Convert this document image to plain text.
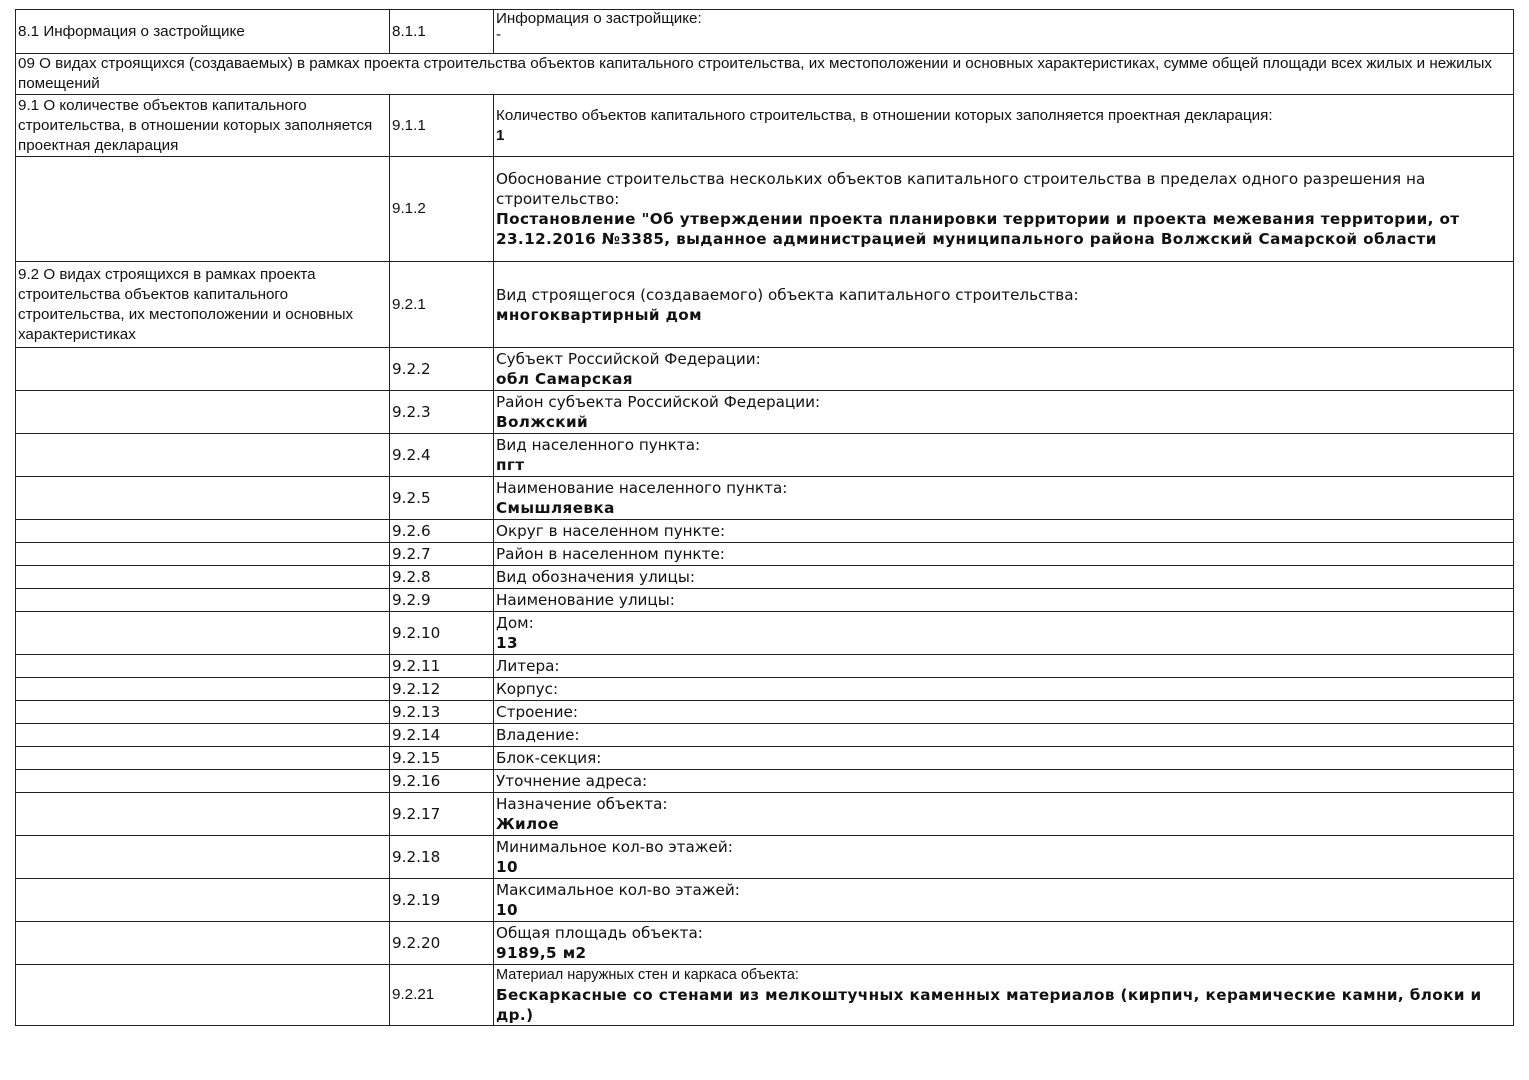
8.1 Информация о застройщике	8.1.1	Информация о застройщике:
-

09 О видах строящихся (создаваемых) в рамках проекта строительства объектов капитального строительства, их местоположении и основных характеристиках, сумме общей площади всех жилых и нежилых помещений		
9.1 О количестве объектов капитального строительства, в отношении которых заполняется проектная декларация	9.1.1	Количество объектов капитального строительства, в отношении которых заполняется проектная декларация:
1

	9.1.2	Обоснование строительства нескольких объектов капитального строительства в пределах одного разрешения на строительство:
Постановление "Об утверждении проекта планировки территории и проекта межевания территории, от 23.12.2016 №3385, выданное администрацией муниципального района Волжский Самарской области

9.2 О видах строящихся в рамках проекта строительства объектов капитального строительства, их местоположении и основных характеристиках	9.2.1	Вид строящегося (создаваемого) объекта капитального строительства:
многоквартирный дом

	9.2.2	Субъект Российской Федерации:
обл Самарская

	9.2.3	Район субъекта Российской Федерации:
Волжский

	9.2.4	Вид населенного пункта:
пгт

	9.2.5	Наименование населенного пункта:
Смышляевка

	9.2.6	Округ в населенном пункте:

	9.2.7	Район в населенном пункте:

	9.2.8	Вид обозначения улицы:

	9.2.9	Наименование улицы:

	9.2.10	Дом:
13

	9.2.11	Литера:

	9.2.12	Корпус:

	9.2.13	Строение:

	9.2.14	Владение:

	9.2.15	Блок-секция:

	9.2.16	Уточнение адреса:

	9.2.17	Назначение объекта:
Жилое

	9.2.18	Минимальное кол-во этажей:
10

	9.2.19	Максимальное кол-во этажей:
10

	9.2.20	Общая площадь объекта:
9189,5 м2

	9.2.21	Материал наружных стен и каркаса объекта:
Бескаркасные со стенами из мелкоштучных каменных материалов (кирпич, керамические камни, блоки и др.)
